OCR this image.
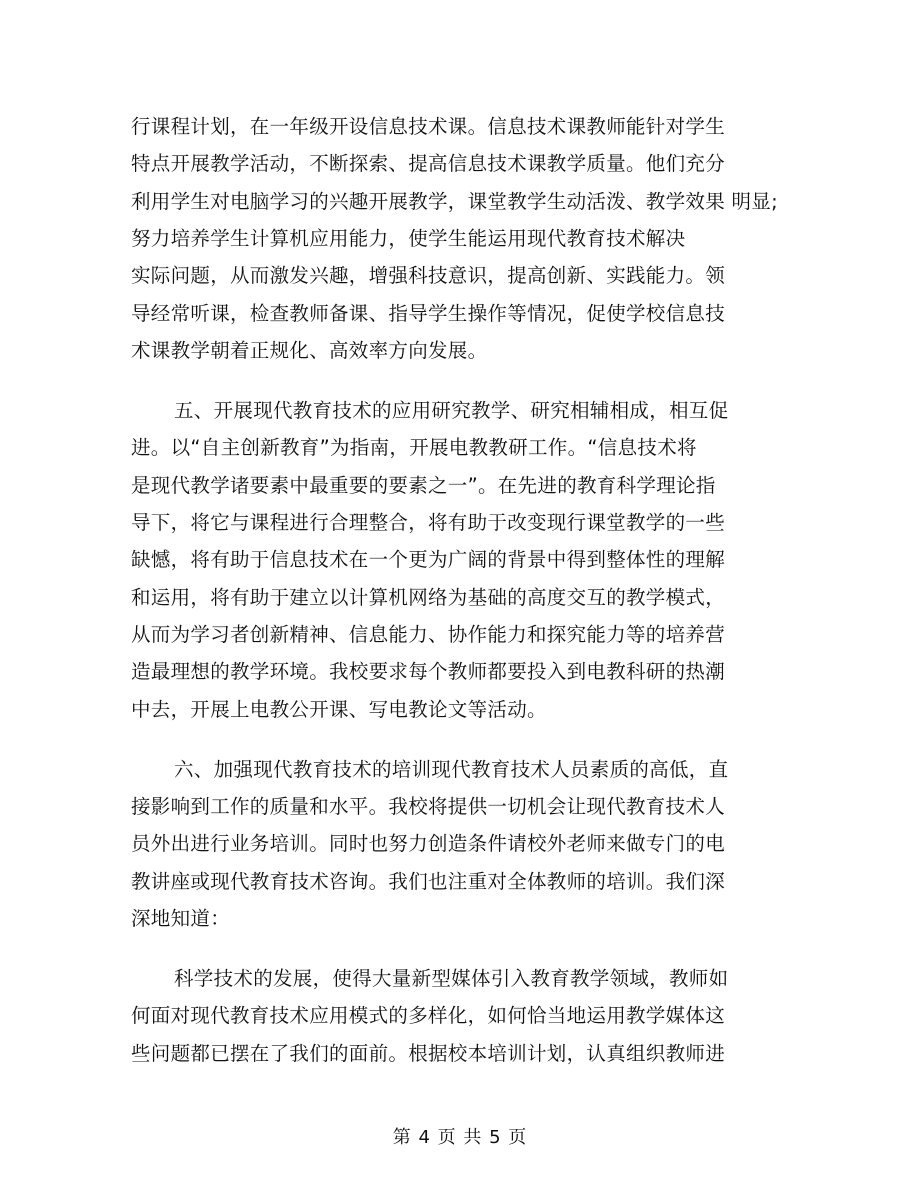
行课程计划，在一年级开设信息技术课。信息技术课教师能针对学生
特点开展教学活动，不断探索、提高信息技术课教学质量。他们充分
利用学生对电脑学习的兴趣开展教学，课堂教学生动活泼、教学效果 明显;
努力培养学生计算机应用能力，使学生能运用现代教育技术解决
实际问题，从而激发兴趣，增强科技意识，提高创新、实践能力。领
导经常听课，检查教师备课、指导学生操作等情况，促使学校信息技
术课教学朝着正规化、高效率方向发展。
五、开展现代教育技术的应用研究教学、研究相辅相成，相互促
进。以“自主创新教育”为指南，开展电教教研工作。“信息技术将
是现代教学诸要素中最重要的要素之一”。在先进的教育科学理论指
导下，将它与课程进行合理整合，将有助于改变现行课堂教学的一些
缺憾，将有助于信息技术在一个更为广阔的背景中得到整体性的理解
和运用，将有助于建立以计算机网络为基础的高度交互的教学模式，
从而为学习者创新精神、信息能力、协作能力和探究能力等的培养营
造最理想的教学环境。我校要求每个教师都要投入到电教科研的热潮
中去，开展上电教公开课、写电教论文等活动。
六、加强现代教育技术的培训现代教育技术人员素质的高低，直
接影响到工作的质量和水平。我校将提供一切机会让现代教育技术人
员外出进行业务培训。同时也努力创造条件请校外老师来做专门的电
教讲座或现代教育技术咨询。我们也注重对全体教师的培训。我们深
深地知道：
科学技术的发展，使得大量新型媒体引入教育教学领域，教师如
何面对现代教育技术应用模式的多样化，如何恰当地运用教学媒体这
些问题都已摆在了我们的面前。根据校本培训计划，认真组织教师进
第 4 页 共 5 页
